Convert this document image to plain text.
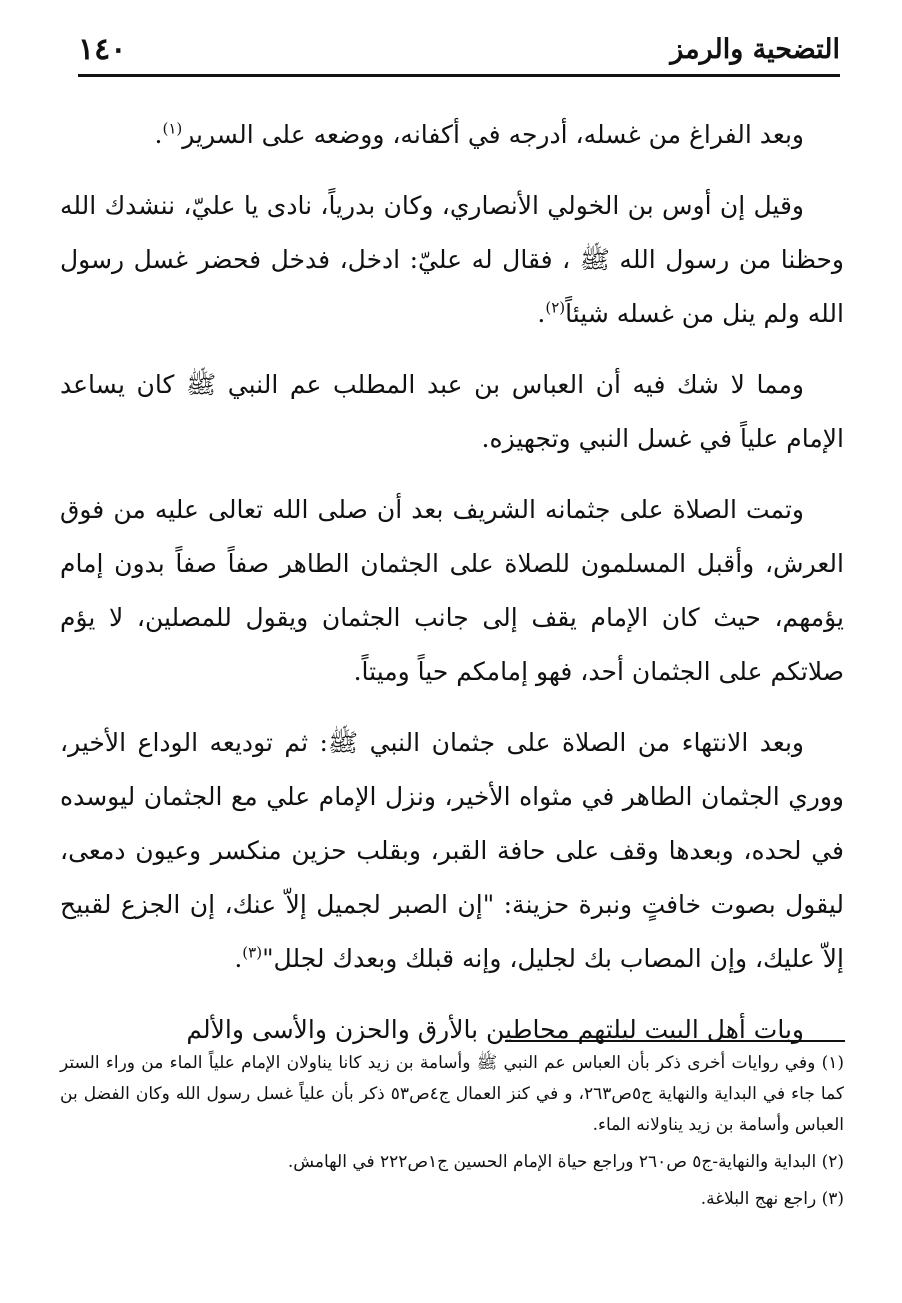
التضحية والرمز
١٤٠

وبعد الفراغ من غسله، أدرجه في أكفانه، ووضعه على السرير$^{(١)}$.

وقيل إن أوس بن الخولي الأنصاري، وكان بدرياً، نادى يا عليّ، ننشدك الله وحظنا من رسول الله ﷺ ، فقال له عليّ: ادخل، فدخل فحضر غسل رسول الله ولم ينل من غسله شيئاً$^{(٢)}$.

ومما لا شك فيه أن العباس بن عبد المطلب عم النبي ﷺ كان يساعد الإمام علياً في غسل النبي وتجهيزه.

وتمت الصلاة على جثمانه الشريف بعد أن صلى الله تعالى عليه من فوق العرش، وأقبل المسلمون للصلاة على الجثمان الطاهر صفاً صفاً بدون إمام يؤمهم، حيث كان الإمام يقف إلى جانب الجثمان ويقول للمصلين، لا يؤم صلاتكم على الجثمان أحد، فهو إمامكم حياً وميتاً.

وبعد الانتهاء من الصلاة على جثمان النبي ﷺ: ثم توديعه الوداع الأخير، ووري الجثمان الطاهر في مثواه الأخير، ونزل الإمام علي مع الجثمان ليوسده في لحده، وبعدها وقف على حافة القبر، وبقلب حزين منكسر وعيون دمعى، ليقول بصوت خافتٍ ونبرة حزينة: "إن الصبر لجميل إلاّ عنك، إن الجزع لقبيح إلاّ عليك، وإن المصاب بك لجليل، وإنه قبلك وبعدك لجلل"$^{(٣)}$.

وبات أهل البيت ليلتهم محاطين بالأرق والحزن والأسى والألم

(١) وفي روايات أخرى ذكر بأن العباس عم النبي ﷺ وأسامة بن زيد كانا يناولان الإمام علياً الماء من وراء الستر كما جاء في البداية والنهاية ج٥ص٢٦٣، و في كنز العمال ج٤ص٥٣ ذكر بأن علياً غسل رسول الله وكان الفضل بن العباس وأسامة بن زيد يناولانه الماء.

(٢) البداية والنهاية-ج٥ ص٢٦٠ وراجع حياة الإمام الحسين ج١ص٢٢٢ في الهامش.

(٣) راجع نهج البلاغة.
